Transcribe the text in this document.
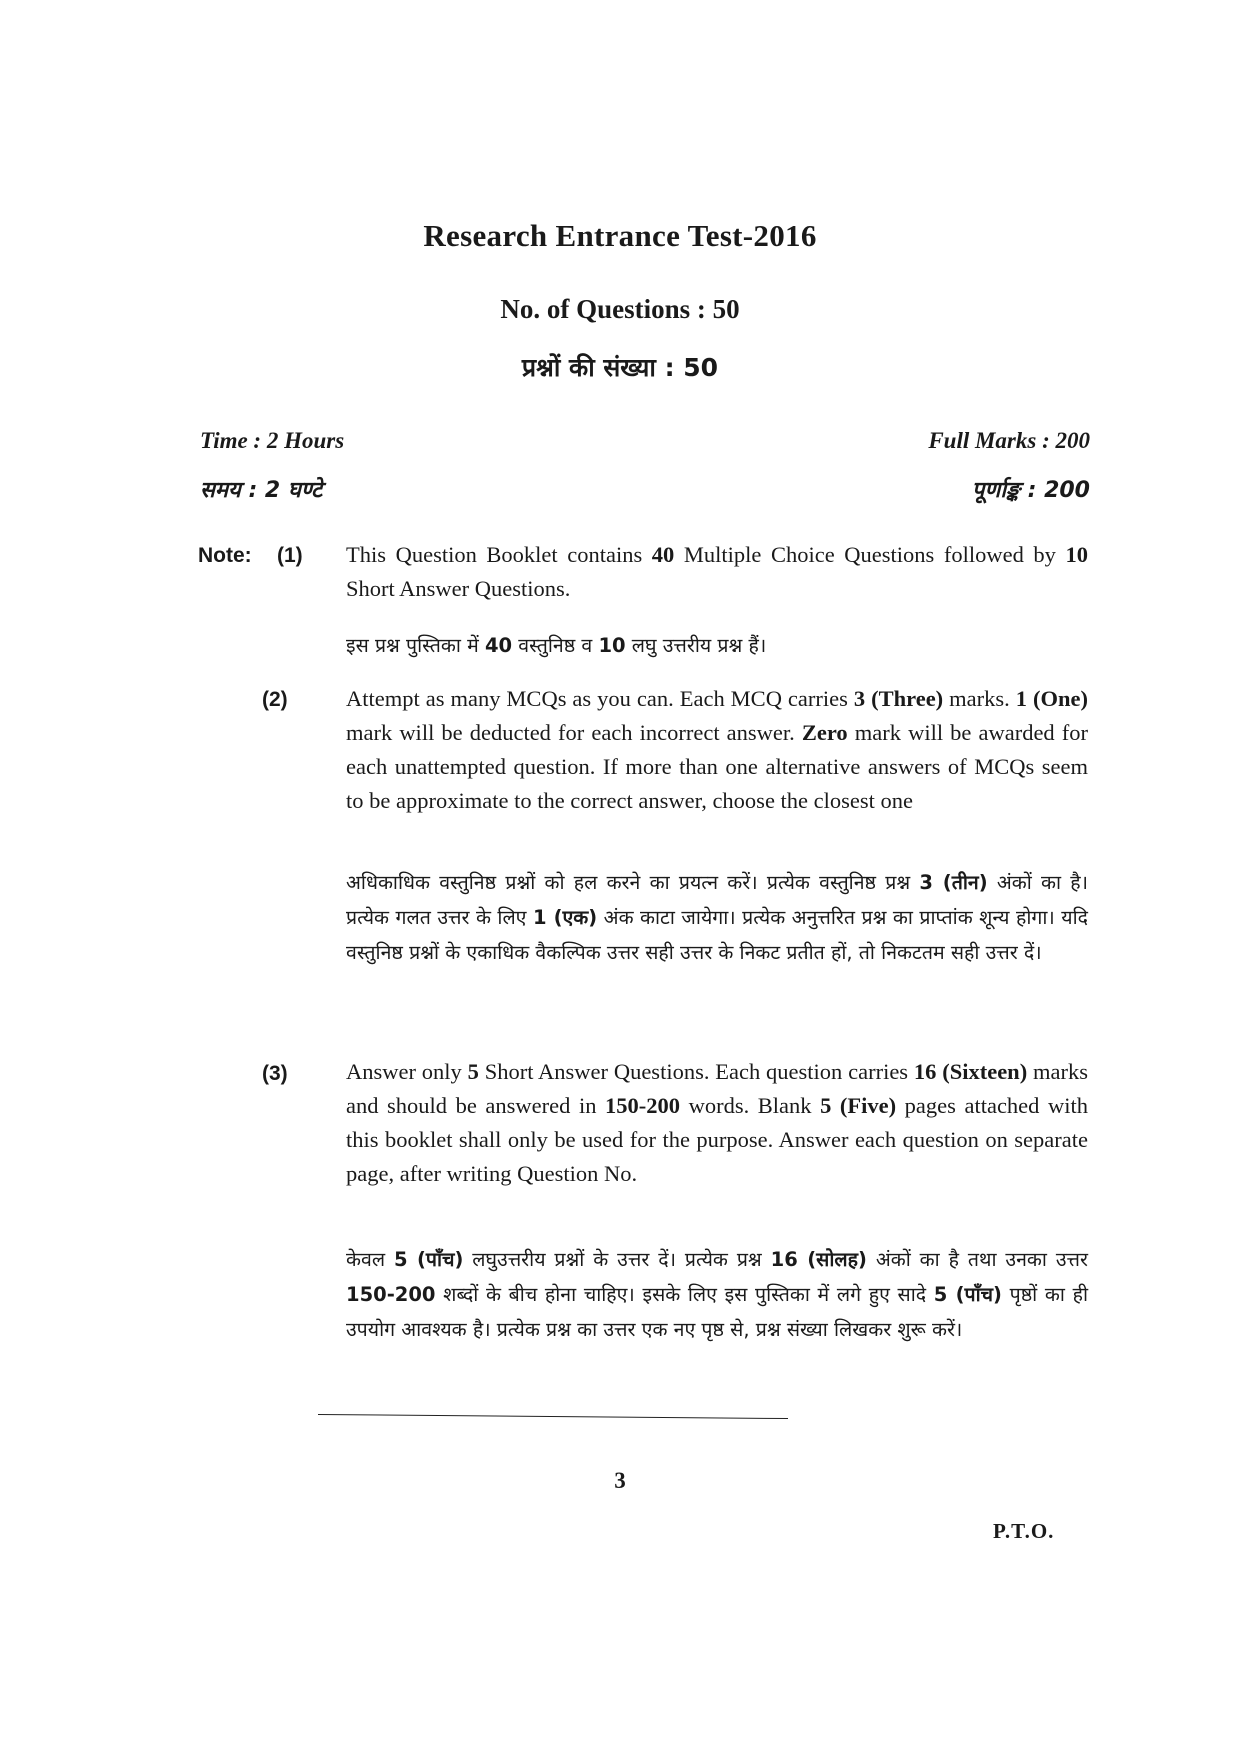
Research Entrance Test-2016
No. of Questions : 50
प्रश्नों की संख्या : 50
Time : 2 Hours
समय : 2 घण्टे
Full Marks : 200
पूर्णाङ्क : 200
Note: (1) This Question Booklet contains 40 Multiple Choice Questions followed by 10 Short Answer Questions.

इस प्रश्न पुस्तिका में 40 वस्तुनिष्ठ व 10 लघु उत्तरीय प्रश्न हैं।

(2)	Attempt as many MCQs as you can. Each MCQ carries 3 (Three) marks. 1 (One) mark will be deducted for each incorrect answer. Zero mark will be awarded for each unattempted question. If more than one alternative answers of MCQs seem to be approximate to the correct answer, choose the closest one

अधिकाधिक वस्तुनिष्ठ प्रश्नों को हल करने का प्रयत्न करें। प्रत्येक वस्तुनिष्ठ प्रश्न 3 (तीन) अंकों का है। प्रत्येक गलत उत्तर के लिए 1 (एक) अंक काटा जायेगा। प्रत्येक अनुत्तरित प्रश्न का प्राप्तांक शून्य होगा। यदि वस्तुनिष्ठ प्रश्नों के एकाधिक वैकल्पिक उत्तर सही उत्तर के निकट प्रतीत हों, तो निकटतम सही उत्तर दें।

(3)	Answer only 5 Short Answer Questions. Each question carries 16 (Sixteen) marks and should be answered in 150-200 words. Blank 5 (Five) pages attached with this booklet shall only be used for the purpose. Answer each question on separate page, after writing Question No.

केवल 5 (पाँच) लघुउत्तरीय प्रश्नों के उत्तर दें। प्रत्येक प्रश्न 16 (सोलह) अंकों का है तथा उनका उत्तर 150-200 शब्दों के बीच होना चाहिए। इसके लिए इस पुस्तिका में लगे हुए सादे 5 (पाँच) पृष्ठों का ही उपयोग आवश्यक है। प्रत्येक प्रश्न का उत्तर एक नए पृष्ठ से, प्रश्न संख्या लिखकर शुरू करें।

3
P.T.O.
